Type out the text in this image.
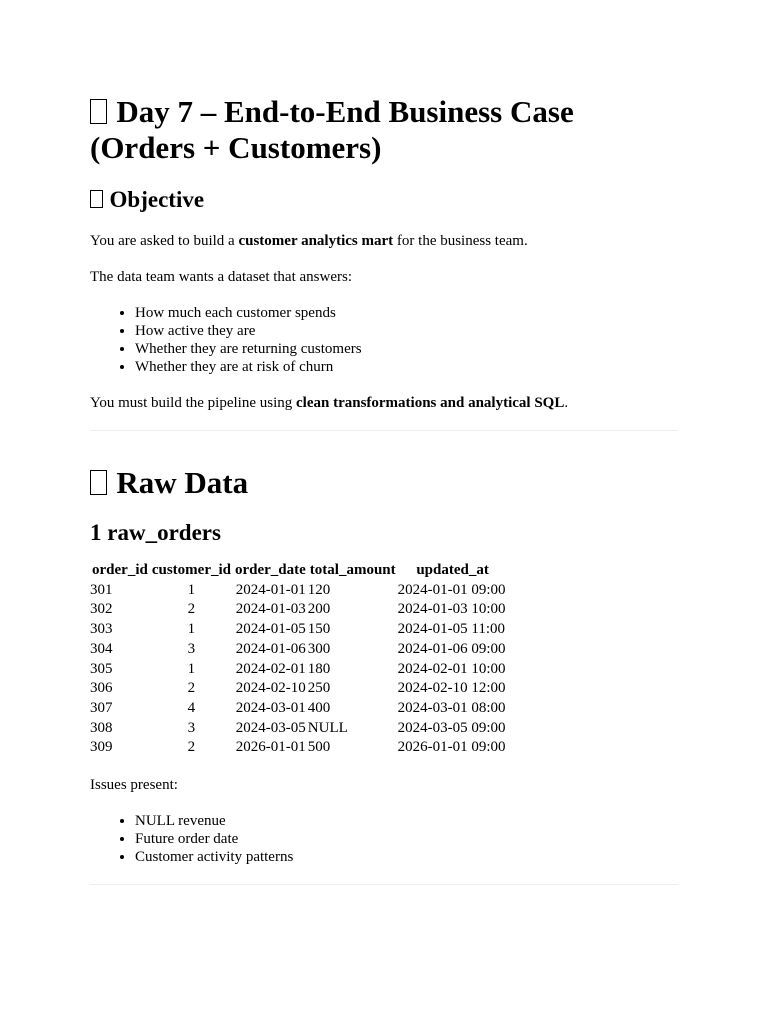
Day 7 – End-to-End Business Case (Orders + Customers)
Objective

You are asked to build a customer analytics mart for the business team.

The data team wants a dataset that answers:

• How much each customer spends
• How active they are
• Whether they are returning customers
• Whether they are at risk of churn

You must build the pipeline using clean transformations and analytical SQL.

Raw Data
1 raw_orders
order_id	customer_id	order_date	total_amount	updated_at
301	1	2024-01-01	120	2024-01-01 09:00
302	2	2024-01-03	200	2024-01-03 10:00
303	1	2024-01-05	150	2024-01-05 11:00
304	3	2024-01-06	300	2024-01-06 09:00
305	1	2024-02-01	180	2024-02-01 10:00
306	2	2024-02-10	250	2024-02-10 12:00
307	4	2024-03-01	400	2024-03-01 08:00
308	3	2024-03-05	NULL	2024-03-05 09:00
309	2	2026-01-01	500	2026-01-01 09:00

Issues present:

• NULL revenue
• Future order date
• Customer activity patterns
